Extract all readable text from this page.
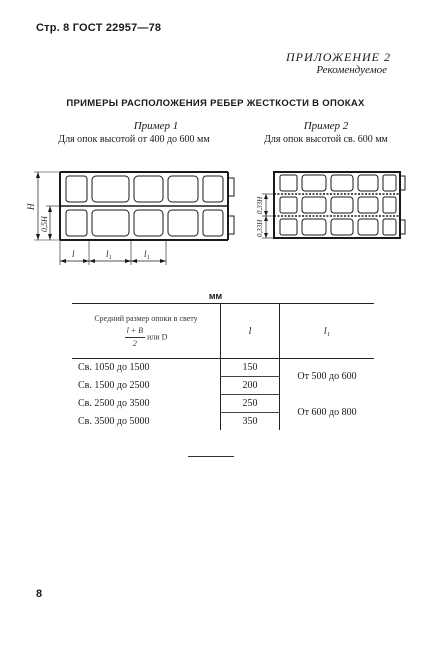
Стр. 8 ГОСТ 22957—78
ПРИЛОЖЕНИЕ 2
Рекомендуемое
ПРИМЕРЫ РАСПОЛОЖЕНИЯ РЕБЕР ЖЕСТКОСТИ В ОПОКАХ
Пример 1
Для опок высотой от 400 до 600 мм
Пример 2
Для опок высотой св. 600 мм
H
0,5H
l	l₁	l₁
0,33H
0,33H
мм
Средний размер опоки в свету

$\frac{l + B}{2}$ или D	l	l₁
Св. 1050 до 1500	150	От 500 до 600
Св. 1500 до 2500	200	
Св. 2500 до 3500	250	От 600 до 800
Св. 3500 до 5000	350	
8
